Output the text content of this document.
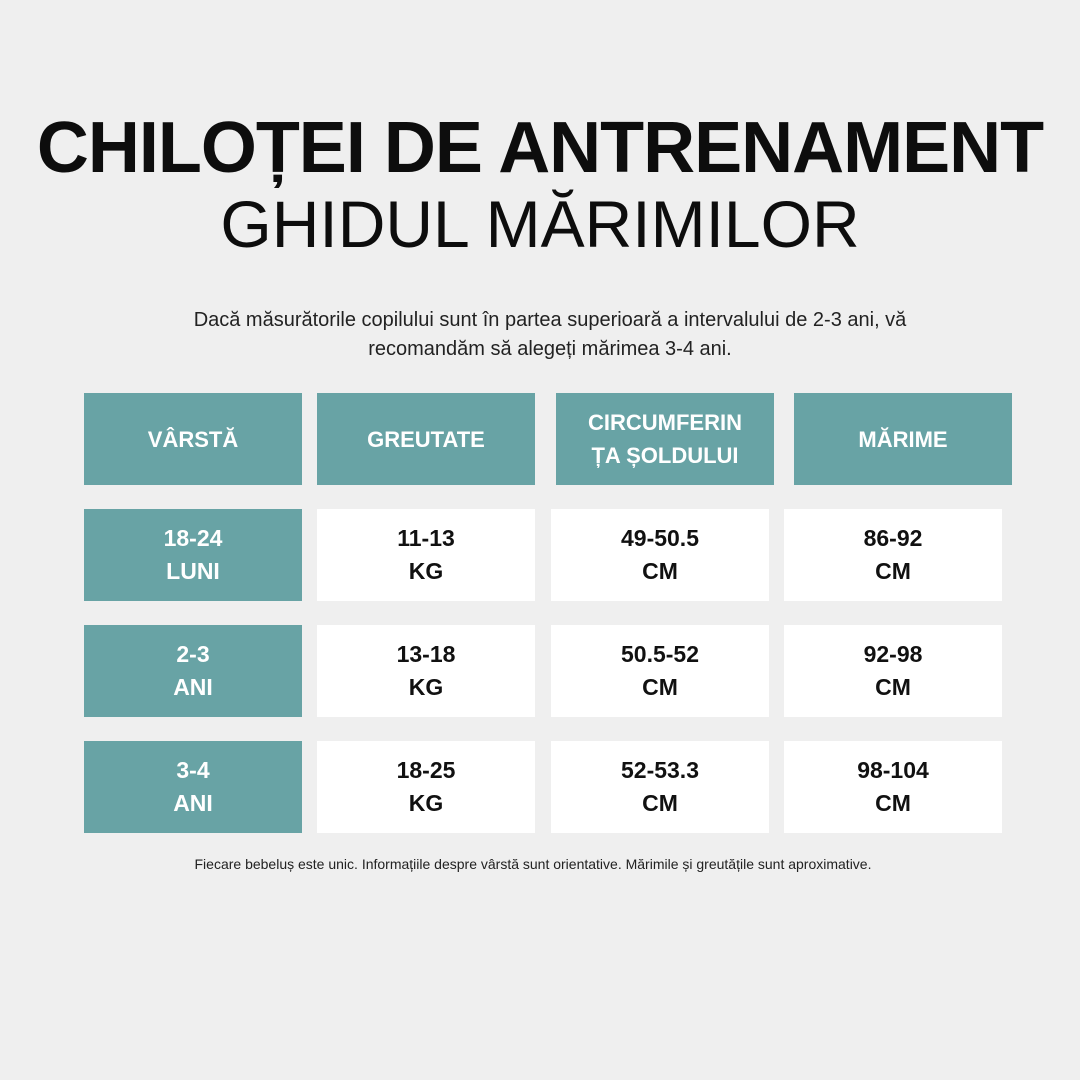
CHILOȚEI DE ANTRENAMENT
GHIDUL MĂRIMILOR
Dacă măsurătorile copilului sunt în partea superioară a intervalului de 2-3 ani, vă
recomandăm să alegeți mărimea 3-4 ani.
VÂRSTĂ	GREUTATE
CIRCUMFERIN
ȚA ȘOLDULUI
MĂRIME
18-24
LUNI
11-13
KG
49-50.5
CM
86-92
CM
2-3
ANI
13-18
KG
50.5-52
CM
92-98
CM
3-4
ANI
18-25
KG
52-53.3
CM
98-104
CM
Fiecare bebeluș este unic. Informațiile despre vârstă sunt orientative. Mărimile și greutățile sunt aproximative.
